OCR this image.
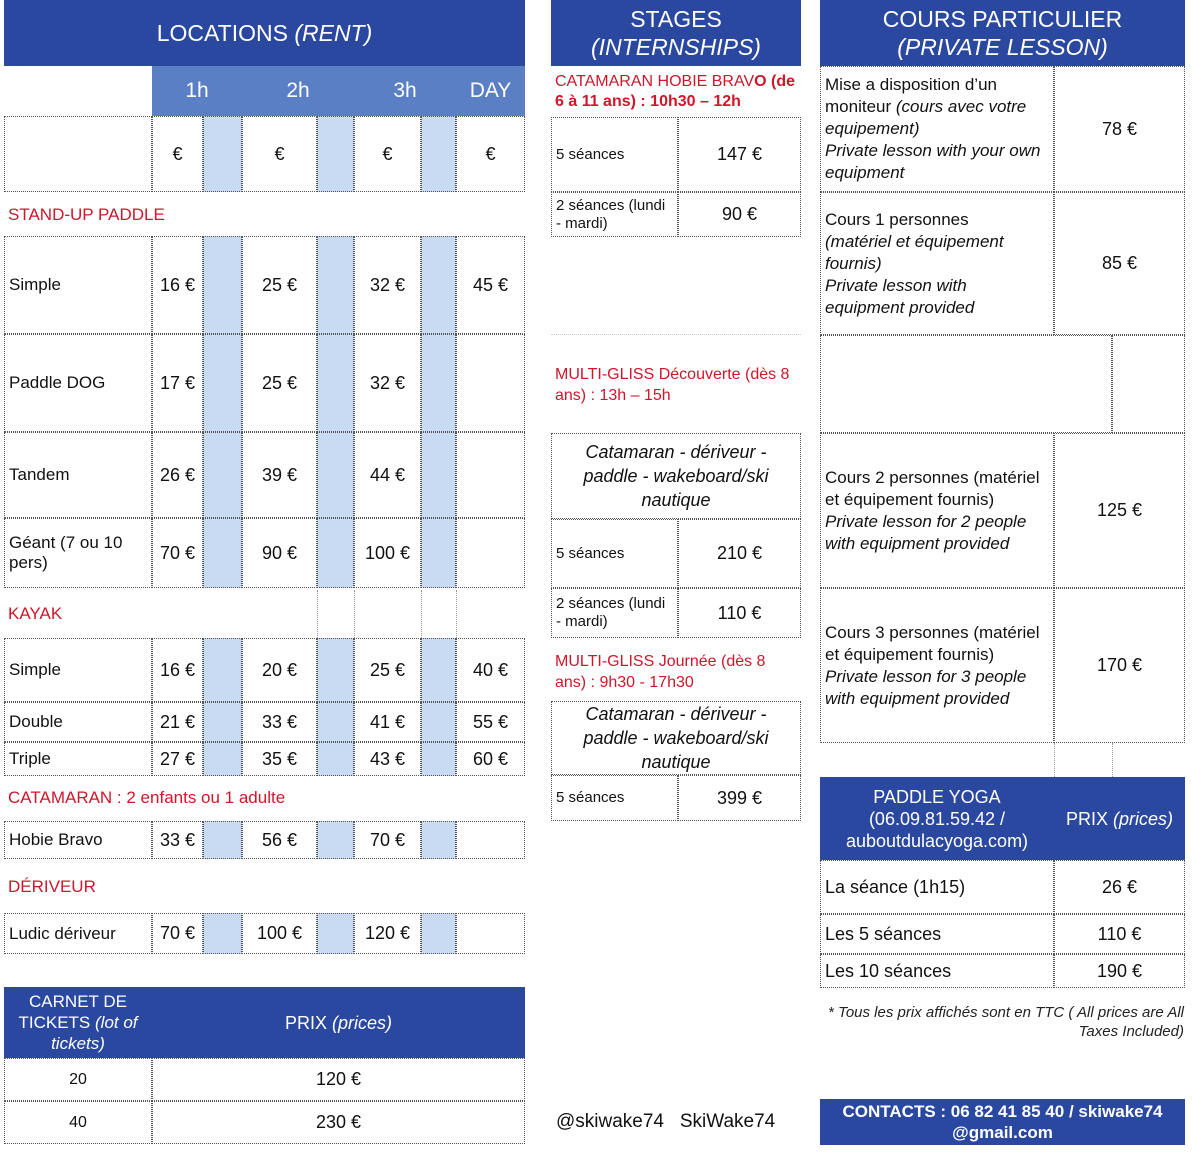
LOCATIONS (RENT)
1h	2h	3h	DAY
€	€	€	€
STAND-UP PADDLE
KAYAK
CATAMARAN : 2 enfants ou 1 adulte
DÉRIVEUR
Simple	16 €	25 €	32 €	45 €
Paddle DOG	17 €	25 €	32 €
Tandem	26 €	39 €	44 €
Géant (7 ou 10 pers)	70 €	90 €	100 €
Simple	16 €	20 €	25 €	40 €
Double	21 €	33 €	41 €	55 €
Triple	27 €	35 €	43 €	60 €
Hobie Bravo	33 €	56 €	70 €
Ludic dériveur	70 €	100 €	120 €
CARNET DE TICKETS (lot of tickets)
PRIX (prices)
20	120 €
40	230 €
STAGES
(INTERNSHIPS)
CATAMARAN HOBIE BRAVO (de 6 à 11 ans) : 10h30 – 12h
5 séances	147 €
2 séances (lundi - mardi)	90 €
MULTI-GLISS Découverte (dès 8 ans) : 13h – 15h
Catamaran - dériveur - paddle - wakeboard/ski nautique
5 séances	210 €
2 séances (lundi - mardi)	110 €
MULTI-GLISS Journée (dès 8 ans) : 9h30 - 17h30
Catamaran - dériveur - paddle - wakeboard/ski nautique
5 séances	399 €
@skiwake74   SkiWake74
COURS PARTICULIER
(PRIVATE LESSON)
Mise a disposition d’un moniteur (cours avec votre equipement)
Private lesson with your own equipment
78 €
Cours 1 personnes
(matériel et équipement fournis)
Private lesson with equipment provided
85 €
Cours 2 personnes (matériel et équipement fournis)
Private lesson for 2 people with equipment provided
125 €
Cours 3 personnes (matériel et équipement fournis)
Private lesson for 3 people with equipment provided
170 €
PADDLE YOGA (06.09.81.59.42 / auboutdulacyoga.com)
PRIX (prices)
La séance (1h15)	26 €
Les 5 séances	110 €
Les 10 séances	190 €
* Tous les prix affichés sont en TTC ( All prices are All Taxes Included)
CONTACTS : 06 82 41 85 40 / skiwake74 @gmail.com
